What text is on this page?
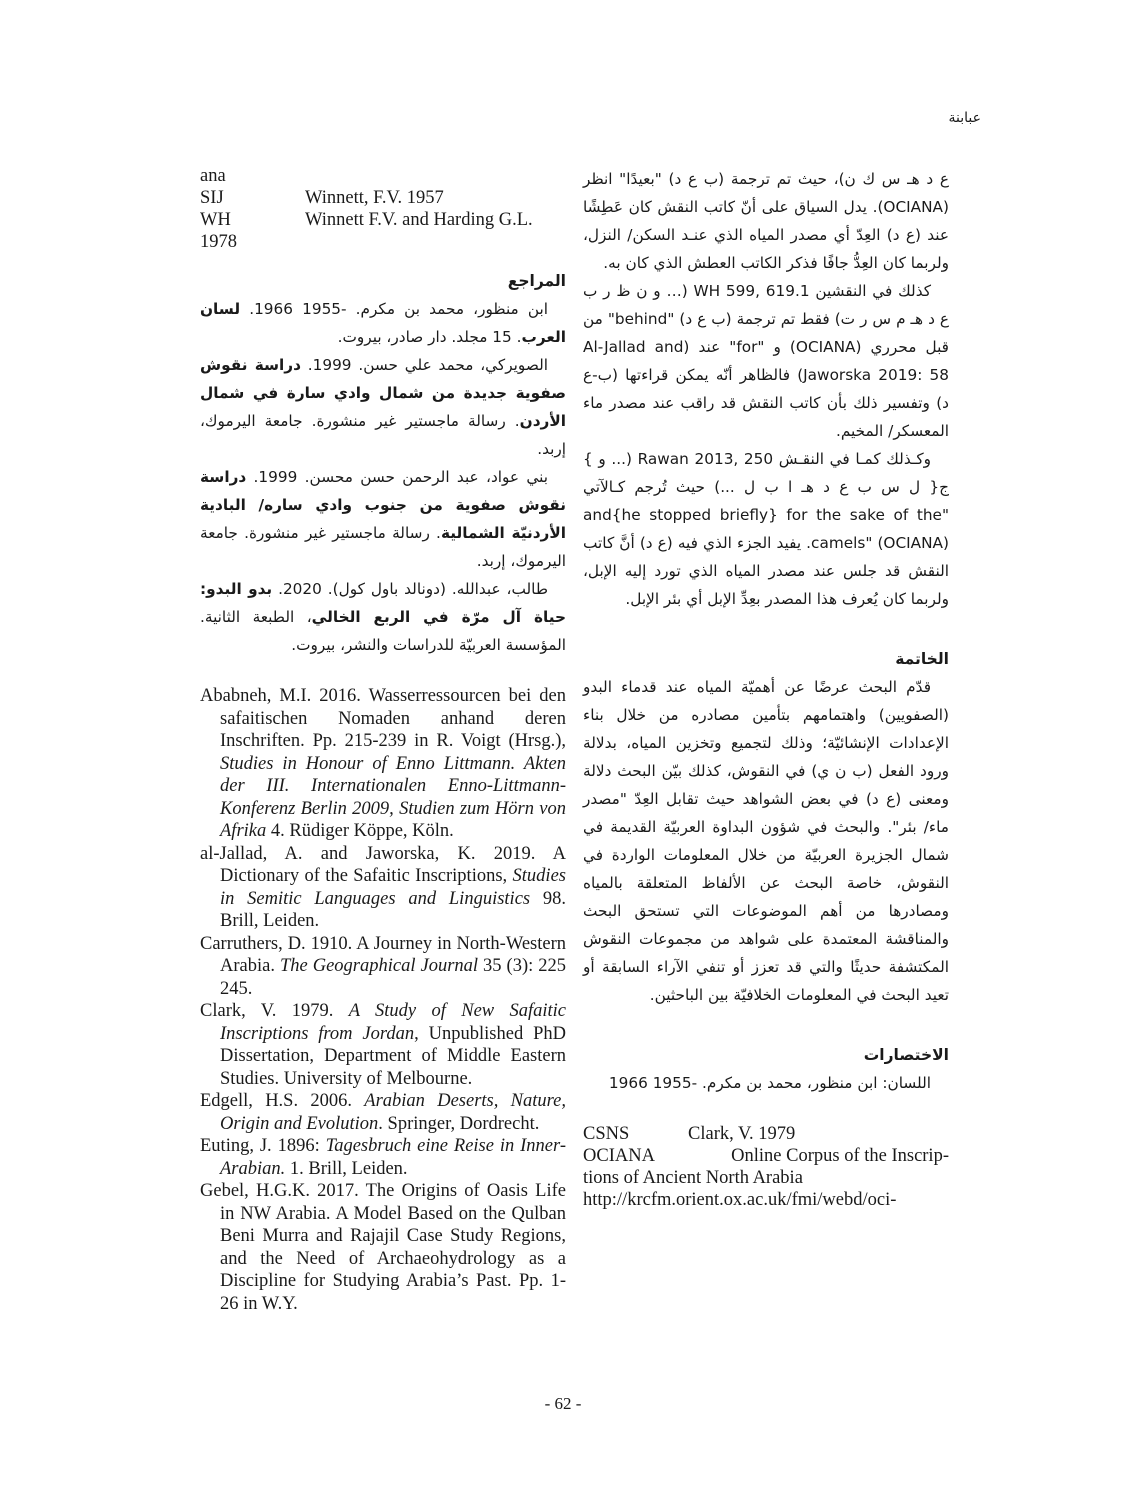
عبابنة
ana
SIJ	Winnett, F.V. 1957
WH	Winnett F.V. and Harding G.L.
1978
المراجع

ابن منظور، محمد بن مكرم. -1955 1966. لسان العرب. 15 مجلد. دار صادر، بيروت.

الصويركي، محمد علي حسن. 1999. دراسة نقوش صفوية جديدة من شمال وادي سارة في شمال الأردن. رسالة ماجستير غير منشورة. جامعة اليرموك، إربد.

بني عواد، عبد الرحمن حسن محسن. 1999. دراسة نقوش صفوية من جنوب وادي ساره/ البادية الأردنيّة الشمالية. رسالة ماجستير غير منشورة. جامعة اليرموك، إربد.

طالب، عبدالله. (دونالد باول كول). 2020. بدو البدو: حياة آل مرّة في الربع الخالي، الطبعة الثانية. المؤسسة العربيّة للدراسات والنشر، بيروت.

Ababneh, M.I. 2016. Wasserressourcen bei den safaitischen Nomaden anhand deren Inschriften. Pp. 215-239 in R. Voigt (Hrsg.), Studies in Honour of Enno Littmann. Akten der III. Internationalen Enno-Littmann-Konferenz Berlin 2009, Studien zum Hörn von Afrika 4. Rüdiger Köppe, Köln.

al-Jallad, A. and Jaworska, K. 2019. A Dictionary of the Safaitic Inscriptions, Studies in Semitic Languages and Linguistics 98. Brill, Leiden.

Carruthers, D. 1910. A Journey in North-Western Arabia. The Geographical Journal 35 (3): 225 245.

Clark, V. 1979. A Study of New Safaitic Inscriptions from Jordan, Unpublished PhD Dissertation, Department of Middle Eastern Studies. University of Melbourne.

Edgell, H.S. 2006. Arabian Deserts, Nature, Origin and Evolution. Springer, Dordrecht.

Euting, J. 1896: Tagesbruch eine Reise in Inner-Arabian. 1. Brill, Leiden.

Gebel, H.G.K. 2017. The Origins of Oasis Life in NW Arabia. A Model Based on the Qulban Beni Murra and Rajajil Case Study Regions, and the Need of Archaeohydrology as a Discipline for Studying Arabia’s Past. Pp. 1-26 in W.Y.

ع د هـ س ك ن)، حيث تم ترجمة (ب ع د) "بعيدًا" انظر (OCIANA). يدل السياق على أنّ كاتب النقش كان عَطِشًا عند (ع د) العِدّ أي مصدر المياه الذي عنـد السكن/ النزل، ولربما كان العِدُّ جافًا فذكر الكاتب العطش الذي كان به.

كذلك في النقشين WH 599, 619.1 (… و ن ظ ر ب ع د هـ م س ر ت) فقط تم ترجمة (ب ع د) "behind" من قبل محرري (OCIANA) و "for" عند (Al-Jallad and Jaworska 2019: 58) فالظاهر أنّه يمكن قراءتها (ب-ع د) وتفسير ذلك بأن كاتب النقش قد راقب عند مصدر ماء المعسكر/ المخيم.

وكـذلك كمـا في النقـش Rawan 2013, 250 (... و }ج{ ل س ب ع د هـ ا ب ل ...) حيث تُرجم كـالآتي "and{he stopped briefly} for the sake of the camels" (OCIANA). يفيد الجزء الذي فيه (ع د) أنَّ كاتب النقش قد جلس عند مصدر المياه الذي تورد إليه الإبل، ولربما كان يُعرف هذا المصدر بعِدِّ الإبل أي بئر الإبل.

الخاتمة

قدّم البحث عرضًا عن أهميّة المياه عند قدماء البدو (الصفويين) واهتمامهم بتأمين مصادره من خلال بناء الإعدادات الإنشائيّة؛ وذلك لتجميع وتخزين المياه، بدلالة ورود الفعل (ب ن ي) في النقوش، كذلك بيّن البحث دلالة ومعنى (ع د) في بعض الشواهد حيث تقابل العِدّ "مصدر ماء/ بئر". والبحث في شؤون البداوة العربيّة القديمة في شمال الجزيرة العربيّة من خلال المعلومات الواردة في النقوش، خاصة البحث عن الألفاظ المتعلقة بالمياه ومصادرها من أهم الموضوعات التي تستحق البحث والمناقشة المعتمدة على شواهد من مجموعات النقوش المكتشفة حديثًا والتي قد تعزز أو تنفي الآراء السابقة أو تعيد البحث في المعلومات الخلافيّة بين الباحثين.

الاختصارات

اللسان: ابن منظور، محمد بن مكرم. -1955 1966

CSNS	Clark, V. 1979
OCIANA	Online Corpus of the Inscrip-
tions of Ancient North Arabia
http://krcfm.orient.ox.ac.uk/fmi/webd/oci-
- 62 -
